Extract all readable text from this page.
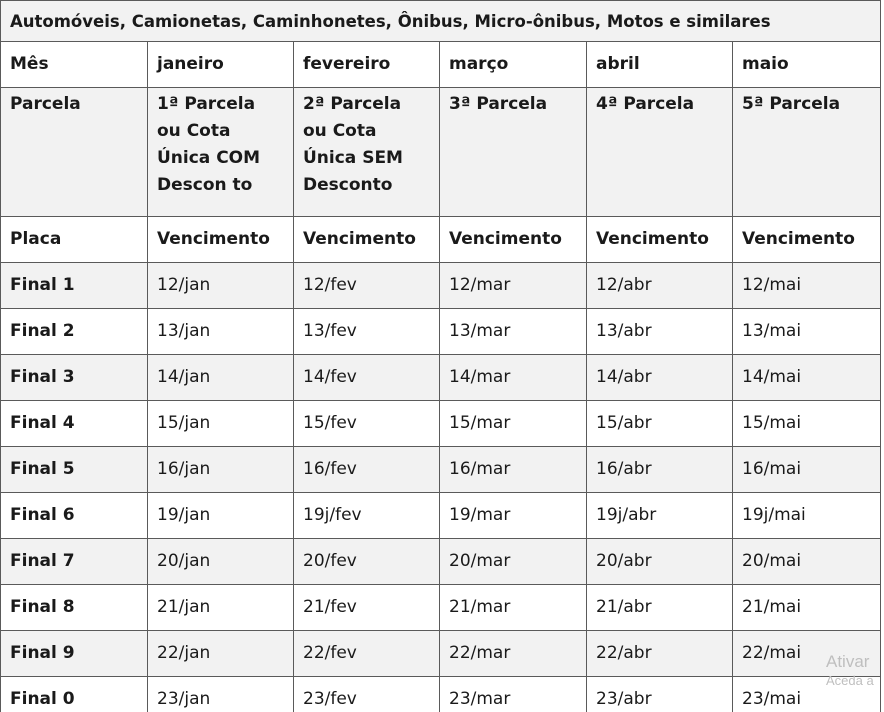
Automóveis, Camionetas, Caminhonetes, Ônibus, Micro-ônibus, Motos e similares					
Mês	janeiro	fevereiro	março	abril	maio
Parcela	1ª Parcela ou Cota Única COM Descon to	2ª Parcela ou Cota Única SEM Desconto	3ª Parcela	4ª Parcela	5ª Parcela
Placa	Vencimento	Vencimento	Vencimento	Vencimento	Vencimento
Final 1	12/jan	12/fev	12/mar	12/abr	12/mai
Final 2	13/jan	13/fev	13/mar	13/abr	13/mai
Final 3	14/jan	14/fev	14/mar	14/abr	14/mai
Final 4	15/jan	15/fev	15/mar	15/abr	15/mai
Final 5	16/jan	16/fev	16/mar	16/abr	16/mai
Final 6	19/jan	19j/fev	19/mar	19j/abr	19j/mai
Final 7	20/jan	20/fev	20/mar	20/abr	20/mai
Final 8	21/jan	21/fev	21/mar	21/abr	21/mai
Final 9	22/jan	22/fev	22/mar	22/abr	22/mai
Final 0	23/jan	23/fev	23/mar	23/abr	23/mai
Ativar
Aceda a
